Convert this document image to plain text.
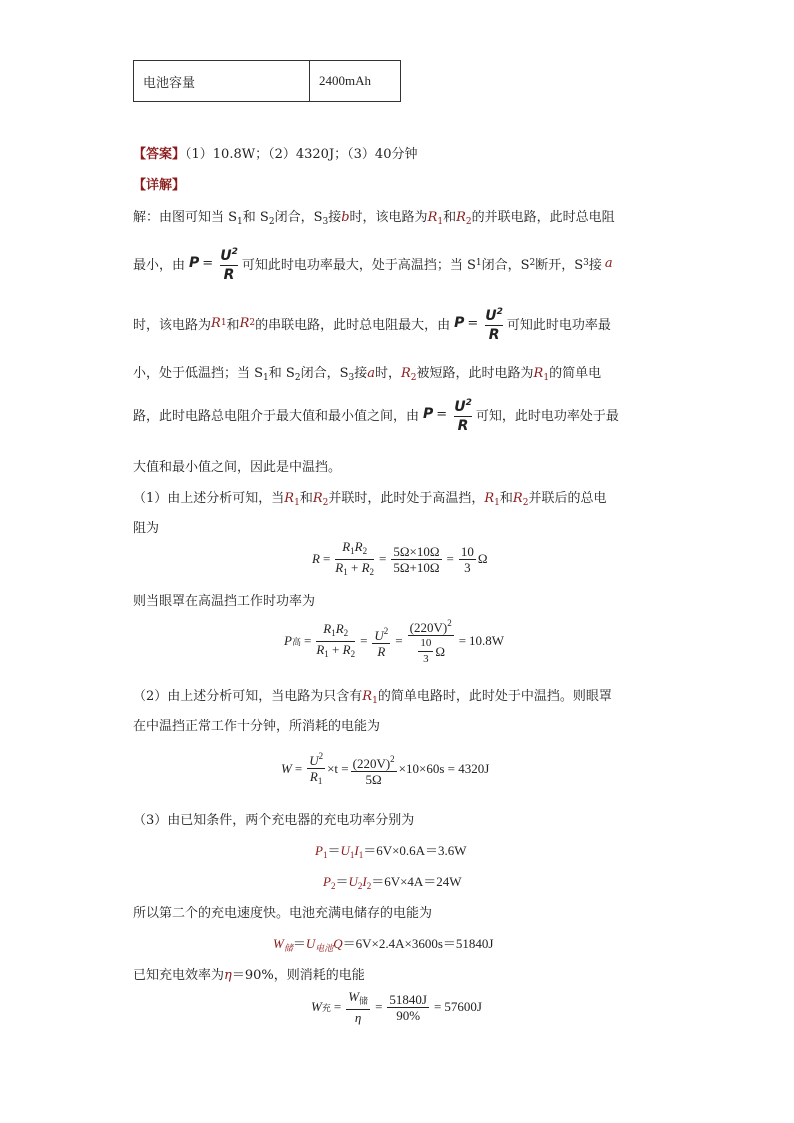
电池容量	2400mAh
【答案】（1）10.8W；（2）4320J；（3）40分钟
【详解】
解：由图可知当 $S_1$和 $S_2$闭合，$S_3$接b时，该电路为$R_1$和$R_2$的并联电路，此时总电阻
最小，由 $P = \frac{U^2}{R}$ 可知此时电功率最大，处于高温挡；当 S 1 闭合，S 2 断开，S 3 接 a
时，该电路为 R 1 和 R 2 的串联电路，此时总电阻最大，由 $P = \frac{U^2}{R}$ 可知此时电功率最
小，处于低温挡；当 $S_1$和 $S_2$闭合，$S_3$接a时，$R_2$被短路，此时电路为$R_1$的简单电
路，此时电路总电阻介于最大值和最小值之间，由 $P = \frac{U^2}{R}$ 可知，此时电功率处于最
大值和最小值之间，因此是中温挡。
（1）由上述分析可知，当$R_1$和$R_2$并联时，此时处于高温挡，$R_1$和$R_2$并联后的总电
阻为
$R = \frac{R_1R_2}{R_1 + R_2} = \frac{5\Omega\times 10\Omega}{5\Omega+10\Omega} = \frac{10}{3}$ Ω
则当眼罩在高温挡工作时功率为
P 高 = $\frac{R_1R_2}{R_1 + R_2} = \frac{U^2}{R} = \frac{(220V)^2}{\frac{10}{3} \Omega} = 10.8W$
（2）由上述分析可知，当电路为只含有$R_1$的简单电路时，此时处于中温挡。则眼罩
在中温挡正常工作十分钟，所消耗的电能为
$W = \frac{U^2}{R_1} \times t = \frac{(220V)^2}{5\Omega} \times 10\times 60s = 4320J$
（3）由已知条件，两个充电器的充电功率分别为
$P_1=U_1I_1=6V\times 0.6A=3.6W$
$P_2=U_2I_2=6V\times 4A=24W$
所以第二个的充电速度快。电池充满电储存的电能为
$W_储=U_{电池}Q=6V\times 2.4A\times 3600s=51840J$
已知充电效率为η＝90%，则消耗的电能
W 充 = $\frac{W_储}{\eta} = \frac{51840J}{90\%} = 57600J$
